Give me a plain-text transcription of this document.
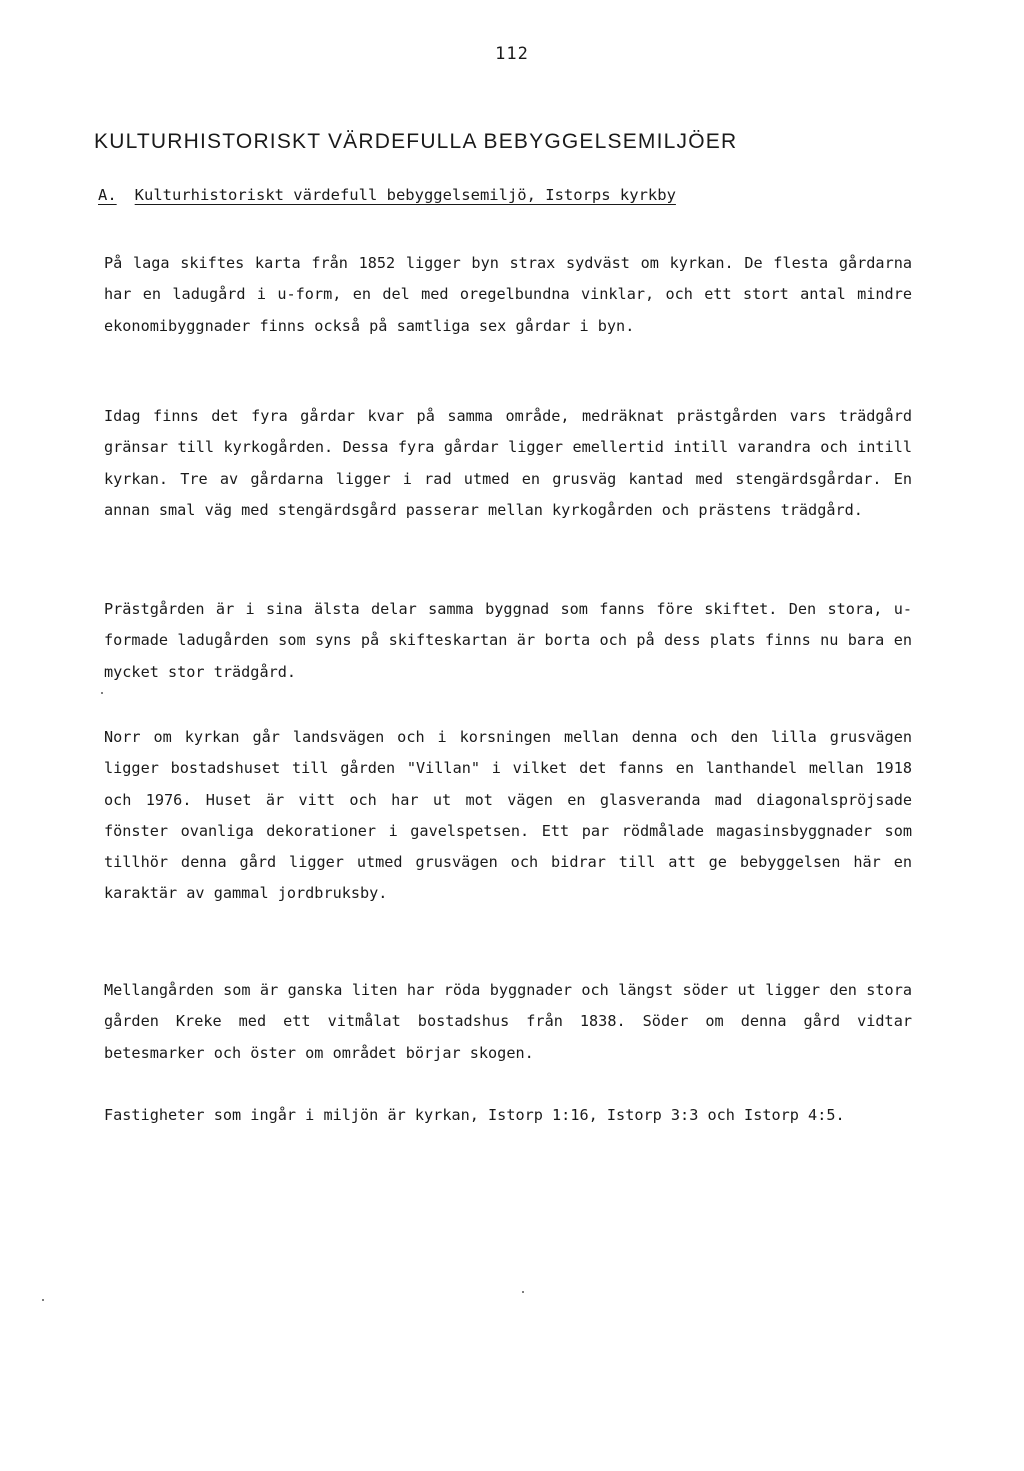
112
KULTURHISTORISKT VÄRDEFULLA BEBYGGELSEMILJÖER
A. Kulturhistoriskt värdefull bebyggelsemiljö, Istorps kyrkby

På laga skiftes karta från 1852 ligger byn strax sydväst om kyrkan. De flesta gårdarna har en ladugård i u-form, en del med oregelbundna vinklar, och ett stort antal mindre ekonomibyggnader finns också på samtliga sex gårdar i byn.

Idag finns det fyra gårdar kvar på samma område, medräknat prästgården vars trädgård gränsar till kyrkogården. Dessa fyra gårdar ligger emellertid intill varandra och intill kyrkan. Tre av gårdarna ligger i rad utmed en grusväg kantad med stengärdsgårdar. En annan smal väg med stengärdsgård passerar mellan kyrkogården och prästens trädgård.

Prästgården är i sina älsta delar samma byggnad som fanns före skiftet. Den stora, u-formade ladugården som syns på skifteskartan är borta och på dess plats finns nu bara en mycket stor trädgård.

Norr om kyrkan går landsvägen och i korsningen mellan denna och den lilla grusvägen ligger bostadshuset till gården "Villan" i vilket det fanns en lanthandel mellan 1918 och 1976. Huset är vitt och har ut mot vägen en glasveranda mad diagonalspröjsade fönster ovanliga dekorationer i gavelspetsen. Ett par rödmålade magasinsbyggnader som tillhör denna gård ligger utmed grusvägen och bidrar till att ge bebyggelsen här en karaktär av gammal jordbruksby.

Mellangården som är ganska liten har röda byggnader och längst söder ut ligger den stora gården Kreke med ett vitmålat bostadshus från 1838. Söder om denna gård vidtar betesmarker och öster om området börjar skogen.

Fastigheter som ingår i miljön är kyrkan, Istorp 1:16, Istorp 3:3 och Istorp 4:5.
